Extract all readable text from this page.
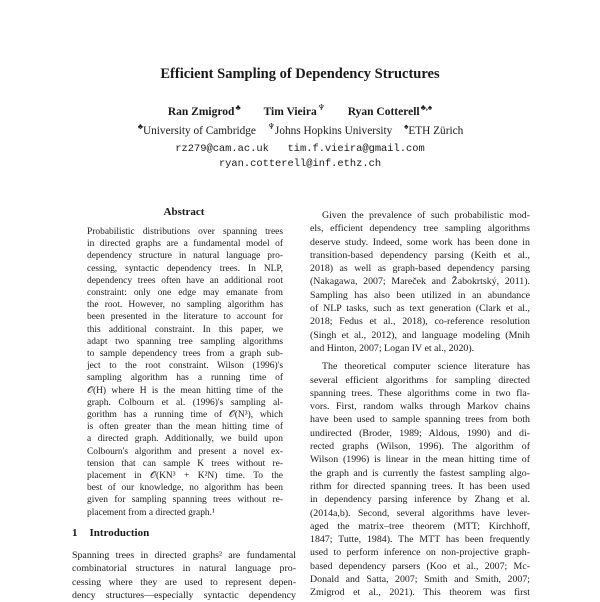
Efficient Sampling of Dependency Structures
Ran Zmigrod♣ Tim Vieira♆ Ryan Cotterell♣,♠
♣University of Cambridge ♆Johns Hopkins University ♠ETH Zürich
rz279@cam.ac.uk   tim.f.vieira@gmail.com
ryan.cotterell@inf.ethz.ch
Abstract
Probabilistic distributions over spanning trees
in directed graphs are a fundamental model of
dependency structure in natural language pro-
cessing, syntactic dependency trees. In NLP,
dependency trees often have an additional root
constraint: only one edge may emanate from
the root. However, no sampling algorithm has
been presented in the literature to account for
this additional constraint. In this paper, we
adapt two spanning tree sampling algorithms
to sample dependency trees from a graph sub-
ject to the root constraint. Wilson (1996)'s
sampling algorithm has a running time of
𝒪(H) where H is the mean hitting time of the
graph. Colbourn et al. (1996)'s sampling al-
gorithm has a running time of 𝒪(N³), which
is often greater than the mean hitting time of
a directed graph. Additionally, we build upon
Colbourn's algorithm and present a novel ex-
tension that can sample K trees without re-
placement in 𝒪(KN³ + K²N) time. To the
best of our knowledge, no algorithm has been
given for sampling spanning trees without re-
placement from a directed graph.¹
1 Introduction
Spanning trees in directed graphs² are fundamental
combinatorial structures in natural language pro-
cessing where they are used to represent depen-
dency structures—especially syntactic dependency
Given the prevalence of such probabilistic mod-
els, efficient dependency tree sampling algorithms
deserve study. Indeed, some work has been done in
transition-based dependency parsing (Keith et al.,
2018) as well as graph-based dependency parsing
(Nakagawa, 2007; Mareček and Žabokrtský, 2011).
Sampling has also been utilized in an abundance
of NLP tasks, such as text generation (Clark et al.,
2018; Fedus et al., 2018), co-reference resolution
(Singh et al., 2012), and language modeling (Mnih
and Hinton, 2007; Logan IV et al., 2020).
The theoretical computer science literature has
several efficient algorithms for sampling directed
spanning trees. These algorithms come in two fla-
vors. First, random walks through Markov chains
have been used to sample spanning trees from both
undirected (Broder, 1989; Aldous, 1990) and di-
rected graphs (Wilson, 1996). The algorithm of
Wilson (1996) is linear in the mean hitting time of
the graph and is currently the fastest sampling algo-
rithm for directed spanning trees. It has been used
in dependency parsing inference by Zhang et al.
(2014a,b). Second, several algorithms have lever-
aged the matrix–tree theorem (MTT; Kirchhoff,
1847; Tutte, 1984). The MTT has been frequently
used to perform inference on non-projective graph-
based dependency parsers (Koo et al., 2007; Mc-
Donald and Satta, 2007; Smith and Smith, 2007;
Zmigrod et al., 2021). This theorem was first
